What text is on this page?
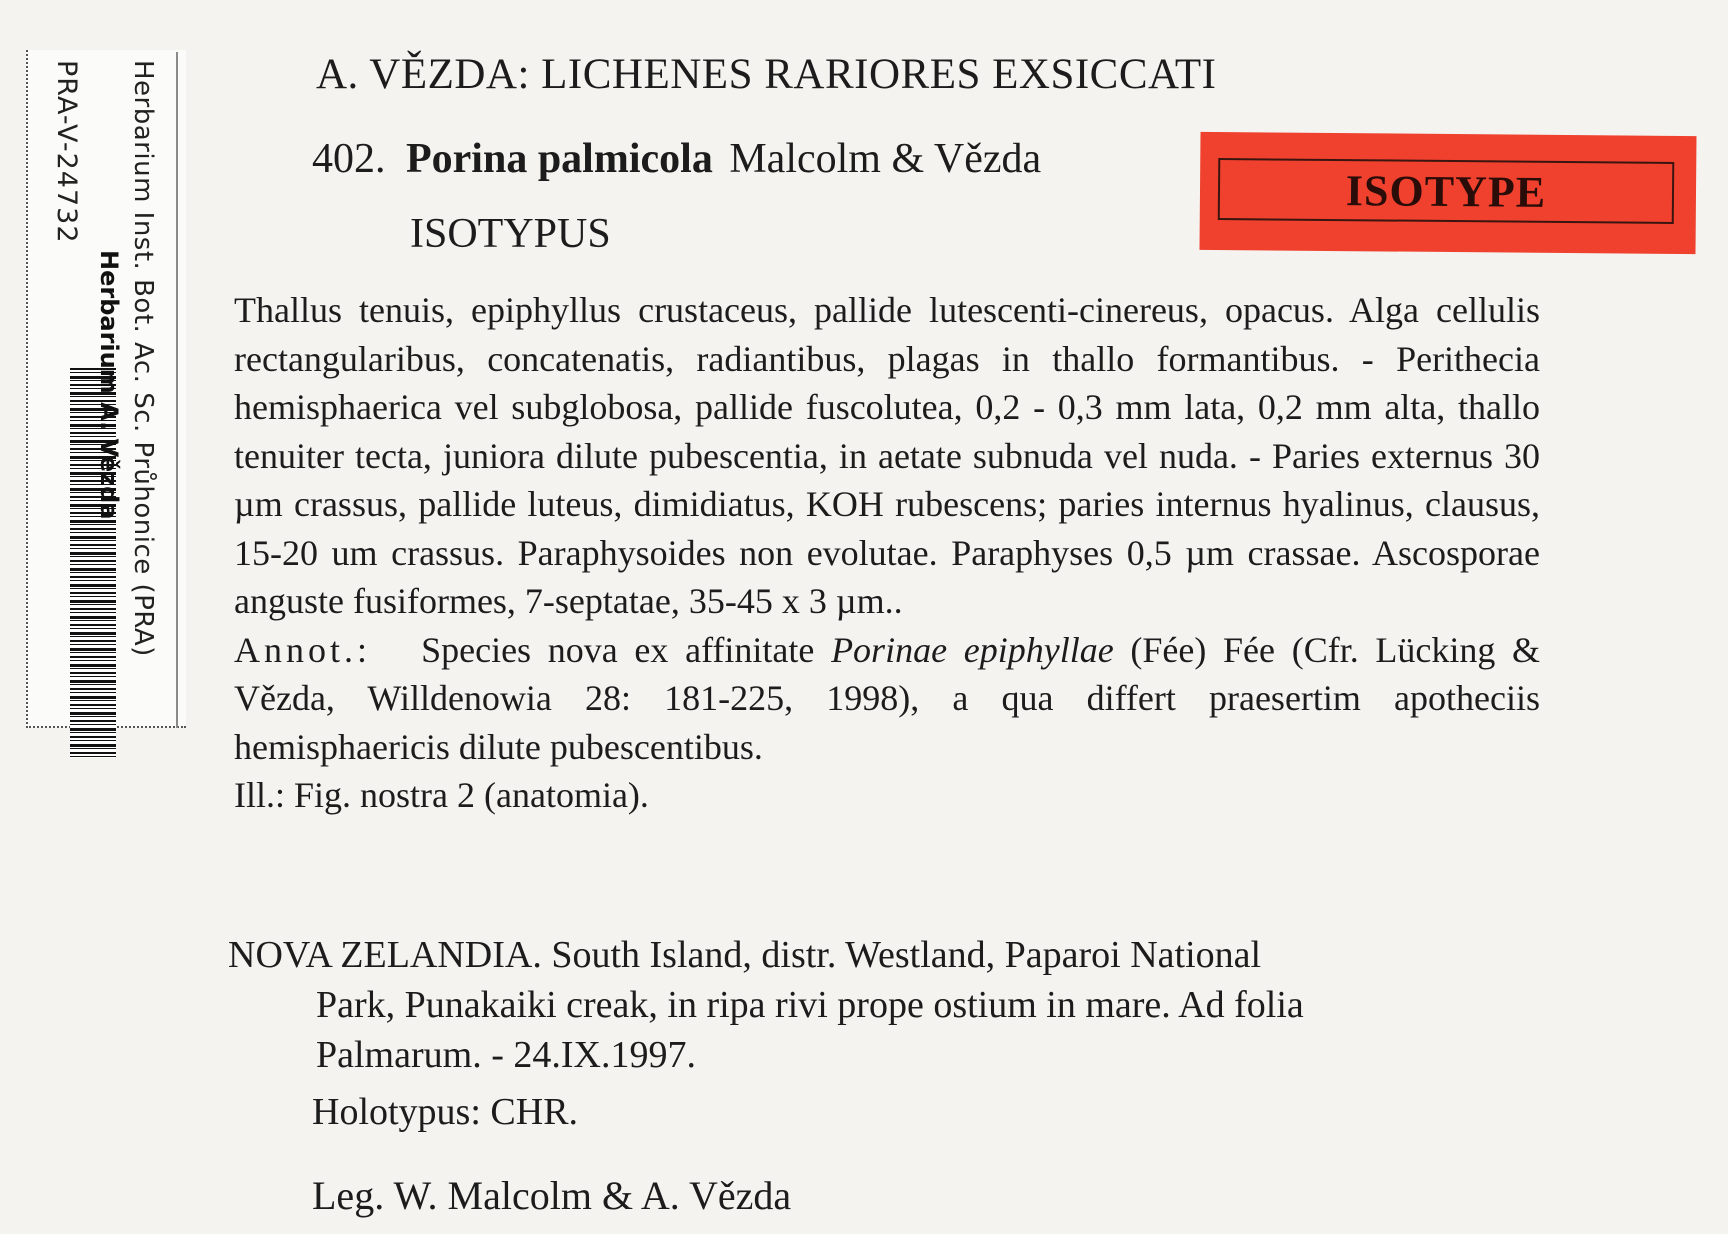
Herbarium Inst. Bot. Ac. Sc. Průhonice (PRA)
Herbarium A. Vězda
PRA-V-24732	A. VĚZDA: LICHENES RARIORES EXSICCATI
402. Porina palmicola Malcolm & Vězda
ISOTYPUS
ISOTYPE

Thallus tenuis, epiphyllus crustaceus, pallide lutescenti-cinereus, opacus. Alga cellulis rectangularibus, concatenatis, radiantibus, plagas in thallo formantibus. - Perithecia hemisphaerica vel subglobosa, pallide fuscolutea, 0,2 - 0,3 mm lata, 0,2 mm alta, thallo tenuiter tecta, juniora dilute pubescentia, in aetate subnuda vel nuda. - Paries externus 30 µm crassus, pallide luteus, dimidiatus, KOH rubescens; paries internus hyalinus, clausus, 15-20 um crassus. Paraphysoides non evolutae. Paraphyses 0,5 µm crassae. Ascosporae anguste fusiformes, 7-septatae, 35-45 x 3 µm..

Annot.: Species nova ex affinitate Porinae epiphyllae (Fée) Fée (Cfr. Lücking & Vězda, Willdenowia 28: 181-225, 1998), a qua differt praesertim apotheciis hemisphaericis dilute pubescentibus.

Ill.: Fig. nostra 2 (anatomia).

NOVA ZELANDIA. South Island, distr. Westland, Paparoi National

Park, Punakaiki creak, in ripa rivi prope ostium in mare. Ad folia

Palmarum. - 24.IX.1997.

Holotypus: CHR.
Leg. W. Malcolm & A. Vězda
